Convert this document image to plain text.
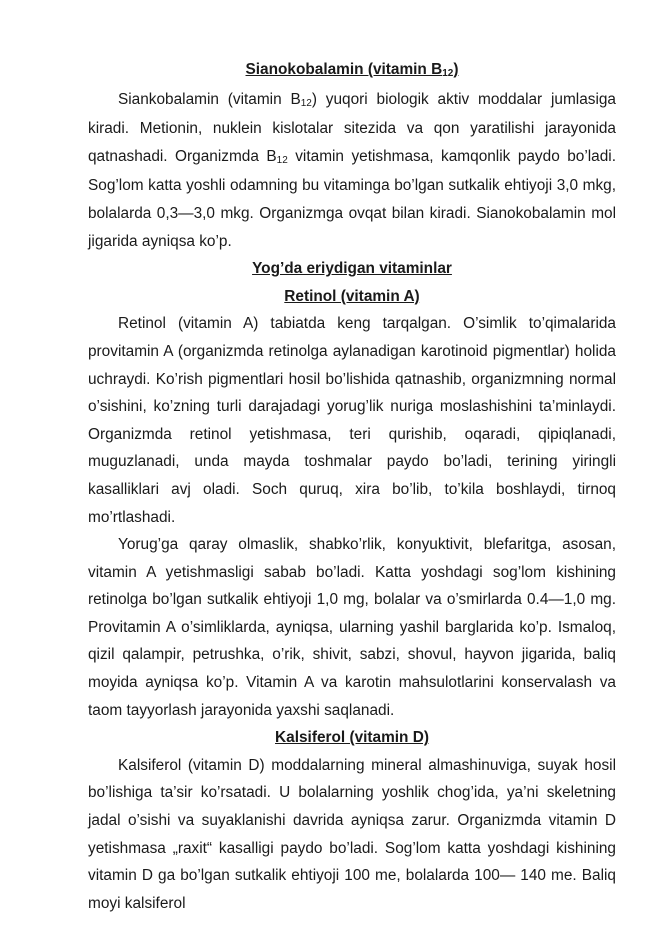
Sianokobalamin (vitamin $B_{12}$)

Siankobalamin (vitamin $B_{12}$) yuqori biologik aktiv moddalar jumlasiga kiradi. Metionin, nuklein kislotalar sitezida va qon yaratilishi jarayonida qatnashadi. Organizmda $B_{12}$ vitamin yetishmasa, kamqonlik paydo bo’ladi. Sog’lom katta yoshli odamning bu vitaminga bo’lgan sutkalik ehtiyoji 3,0 mkg, bolalarda 0,3—3,0 mkg. Organizmga ovqat bilan kiradi. Sianokobalamin mol jigarida ayniqsa ko’p.

Yog’da eriydigan vitaminlar
Retinol (vitamin A)

Retinol (vitamin A) tabiatda keng tarqalgan. O’simlik to’qimalarida provitamin A (organizmda retinolga aylanadigan karotinoid pigmentlar) holida uchraydi. Ko’rish pigmentlari hosil bo’lishida qatnashib, organizmning normal o’sishini, ko’zning turli darajadagi yorug’lik nuriga moslashishini ta’minlaydi. Organizmda retinol yetishmasa, teri qurishib, oqaradi, qipiqlanadi, muguzlanadi, unda mayda toshmalar paydo bo’ladi, terining yiringli kasalliklari avj oladi. Soch quruq, xira bo’lib, to’kila boshlaydi, tirnoq mo’rtlashadi.

Yorug’ga qaray olmaslik, shabko’rlik, konyuktivit, blefaritga, asosan, vitamin A yetishmasligi sabab bo’ladi. Katta yoshdagi sog’lom kishining retinolga bo’lgan sutkalik ehtiyoji 1,0 mg, bolalar va o’smirlarda 0.4—1,0 mg. Provitamin A o’simliklarda, ayniqsa, ularning yashil barglarida ko’p. Ismaloq, qizil qalampir, petrushka, o’rik, shivit, sabzi, shovul, hayvon jigarida, baliq moyida ayniqsa ko’p. Vitamin A va karotin mahsulotlarini konservalash va taom tayyorlash jarayonida yaxshi saqlanadi.

Kalsiferol (vitamin D)

Kalsiferol (vitamin D) moddalarning mineral almashinuviga, suyak hosil bo’lishiga ta’sir ko’rsatadi. U bolalarning yoshlik chog’ida, ya’ni skeletning jadal o’sishi va suyaklanishi davrida ayniqsa zarur. Organizmda vitamin D yetishmasa „raxit“ kasalligi paydo bo’ladi. Sog’lom katta yoshdagi kishining vitamin D ga bo’lgan sutkalik ehtiyoji 100 me, bolalarda 100— 140 me. Baliq moyi kalsiferol
